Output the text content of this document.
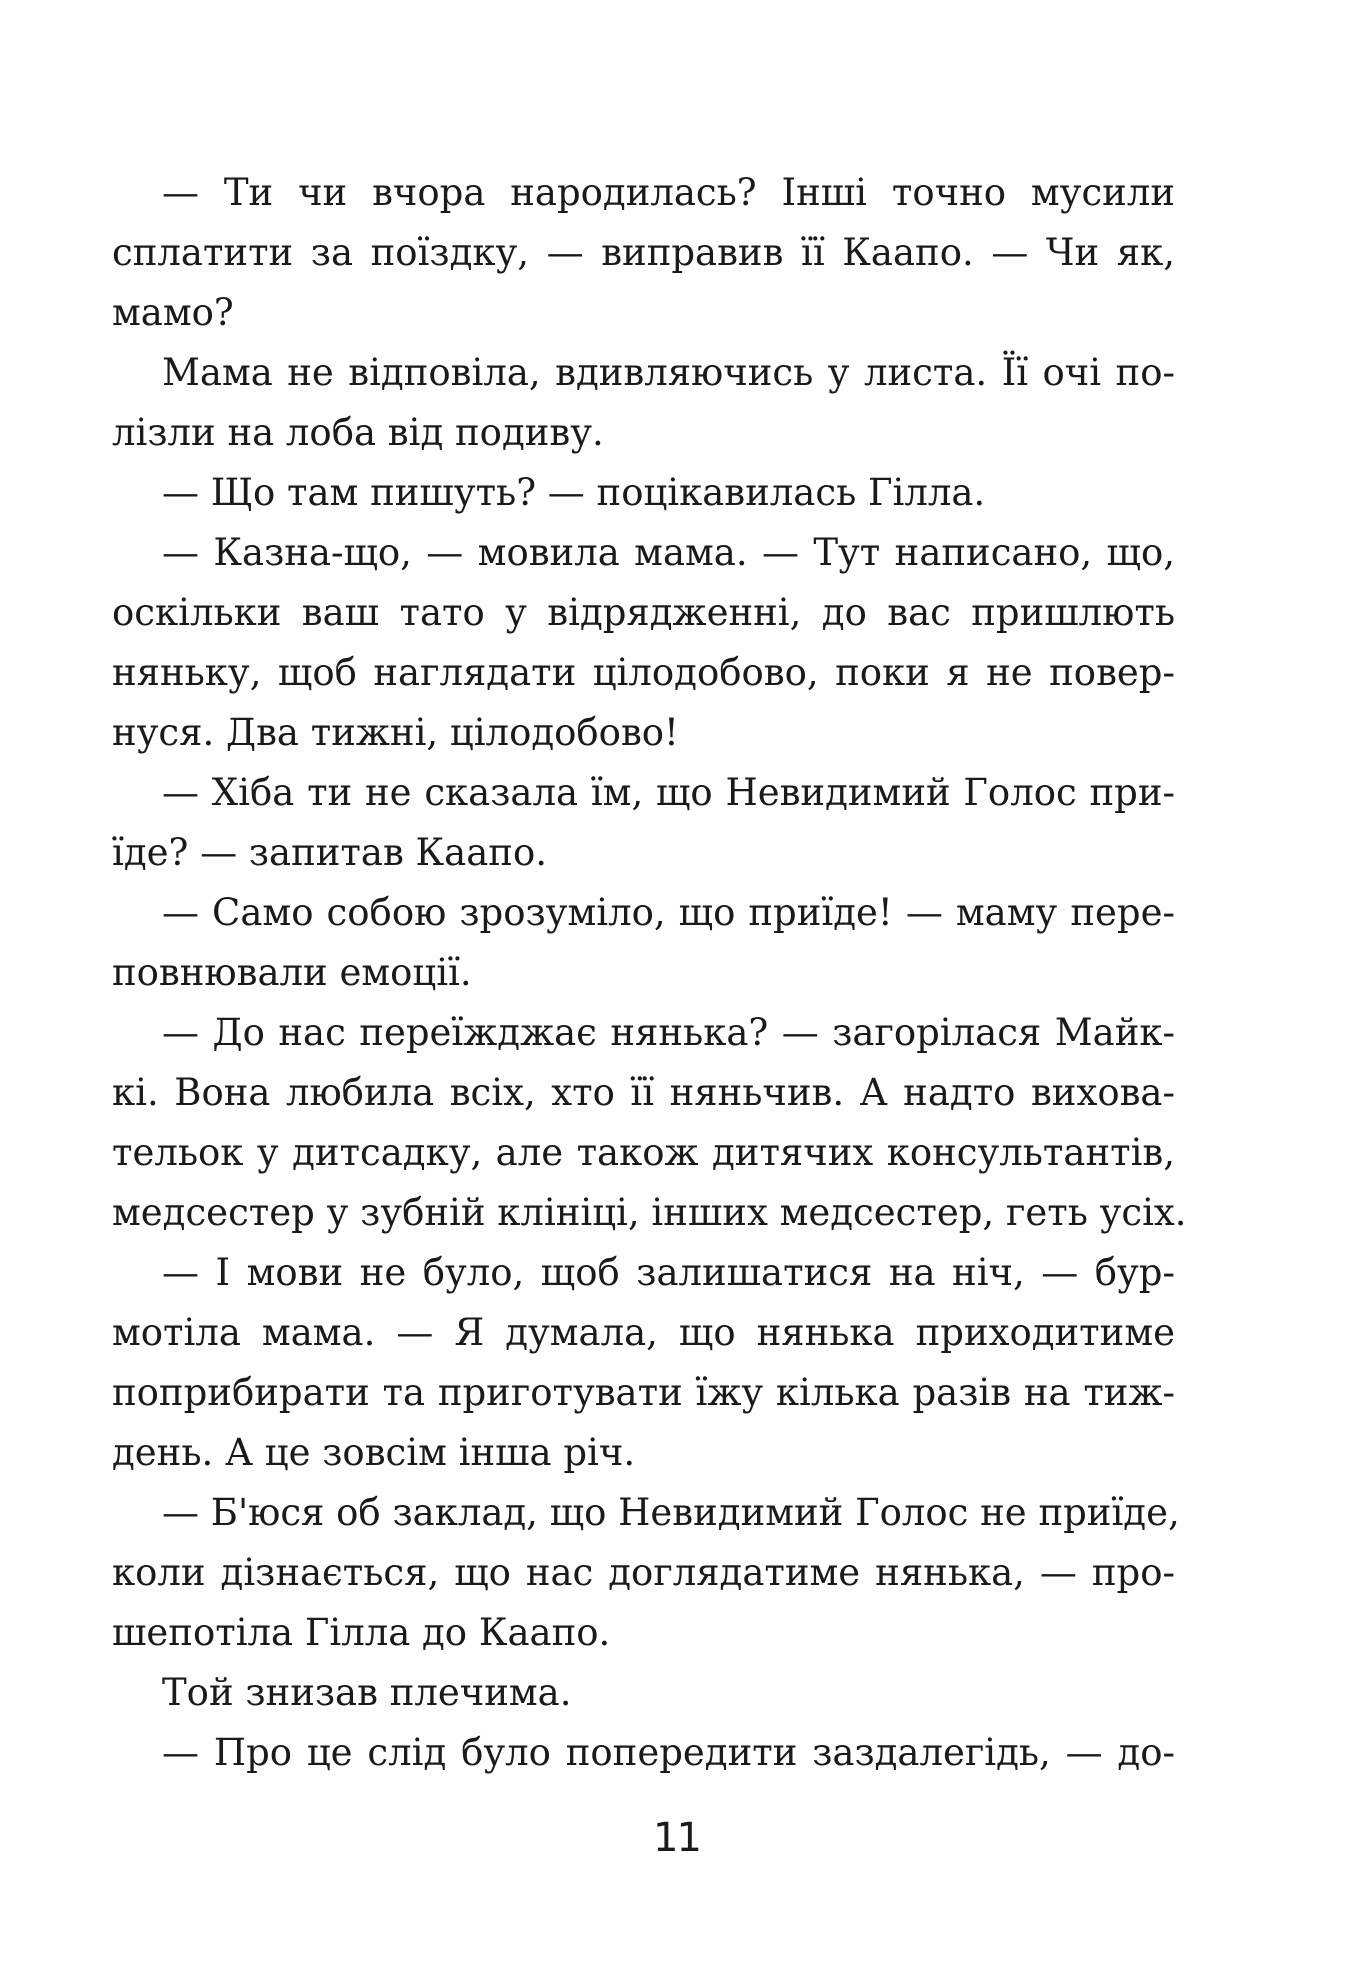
— Ти чи вчора народилась? Інші точно мусили
сплатити за поїздку, — виправив її Каапо. — Чи як,
мамо?
Мама не відповіла, вдивляючись у листа. Її очі по-
лізли на лоба від подиву.
— Що там пишуть? — поцікавилась Гілла.
— Казна-що, — мовила мама. — Тут написано, що,
оскільки ваш тато у відрядженні, до вас пришлють
няньку, щоб наглядати цілодобово, поки я не повер-
нуся. Два тижні, цілодобово!
— Хіба ти не сказала їм, що Невидимий Голос при-
їде? — запитав Каапо.
— Само собою зрозуміло, що приїде! — маму пере-
повнювали емоції.
— До нас переїжджає нянька? — загорілася Майк-
кі. Вона любила всіх, хто її няньчив. А надто вихова-
тельок у дитсадку, але також дитячих консультантів,
медсестер у зубній клініці, інших медсестер, геть усіх.
— І мови не було, щоб залишатися на ніч, — бур-
мотіла мама. — Я думала, що нянька приходитиме
поприбирати та приготувати їжу кілька разів на тиж-
день. А це зовсім інша річ.
— Б'юся об заклад, що Невидимий Голос не приїде,
коли дізнається, що нас доглядатиме нянька, — про-
шепотіла Гілла до Каапо.
Той знизав плечима.
— Про це слід було попередити заздалегідь, — до-
11
